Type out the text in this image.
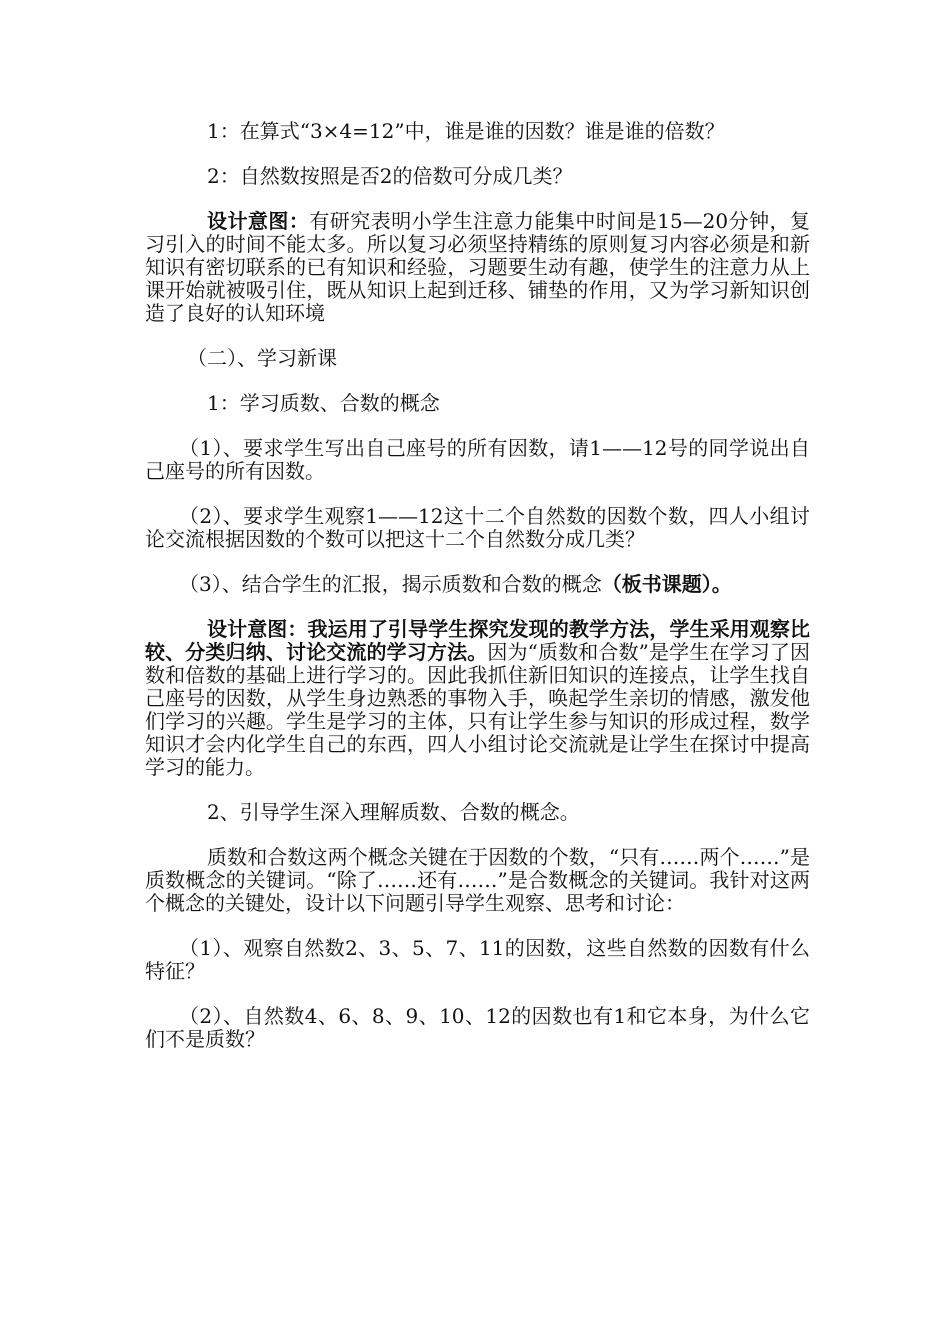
1：在算式“3×4=12”中，谁是谁的因数？谁是谁的倍数？

2：自然数按照是否2的倍数可分成几类？

设计意图：有研究表明小学生注意力能集中时间是15—20分钟，复习引入的时间不能太多。所以复习必须坚持精练的原则复习内容必须是和新知识有密切联系的已有知识和经验，习题要生动有趣，使学生的注意力从上课开始就被吸引住，既从知识上起到迁移、铺垫的作用，又为学习新知识创造了良好的认知环境

（二）、学习新课

1：学习质数、合数的概念

（1）、要求学生写出自己座号的所有因数，请1——12号的同学说出自己座号的所有因数。

（2）、要求学生观察1——12这十二个自然数的因数个数，四人小组讨论交流根据因数的个数可以把这十二个自然数分成几类？

（3）、结合学生的汇报，揭示质数和合数的概念（板书课题）。

设计意图：我运用了引导学生探究发现的教学方法，学生采用观察比较、分类归纳、讨论交流的学习方法。因为“质数和合数”是学生在学习了因数和倍数的基础上进行学习的。因此我抓住新旧知识的连接点，让学生找自己座号的因数，从学生身边熟悉的事物入手，唤起学生亲切的情感，激发他们学习的兴趣。学生是学习的主体，只有让学生参与知识的形成过程，数学知识才会内化学生自己的东西，四人小组讨论交流就是让学生在探讨中提高学习的能力。

2、引导学生深入理解质数、合数的概念。

质数和合数这两个概念关键在于因数的个数，“只有……两个……”是质数概念的关键词。“除了……还有……”是合数概念的关键词。我针对这两个概念的关键处，设计以下问题引导学生观察、思考和讨论：

（1）、观察自然数2、3、5、7、11的因数，这些自然数的因数有什么特征？

（2）、自然数4、6、8、9、10、12的因数也有1和它本身，为什么它们不是质数？
